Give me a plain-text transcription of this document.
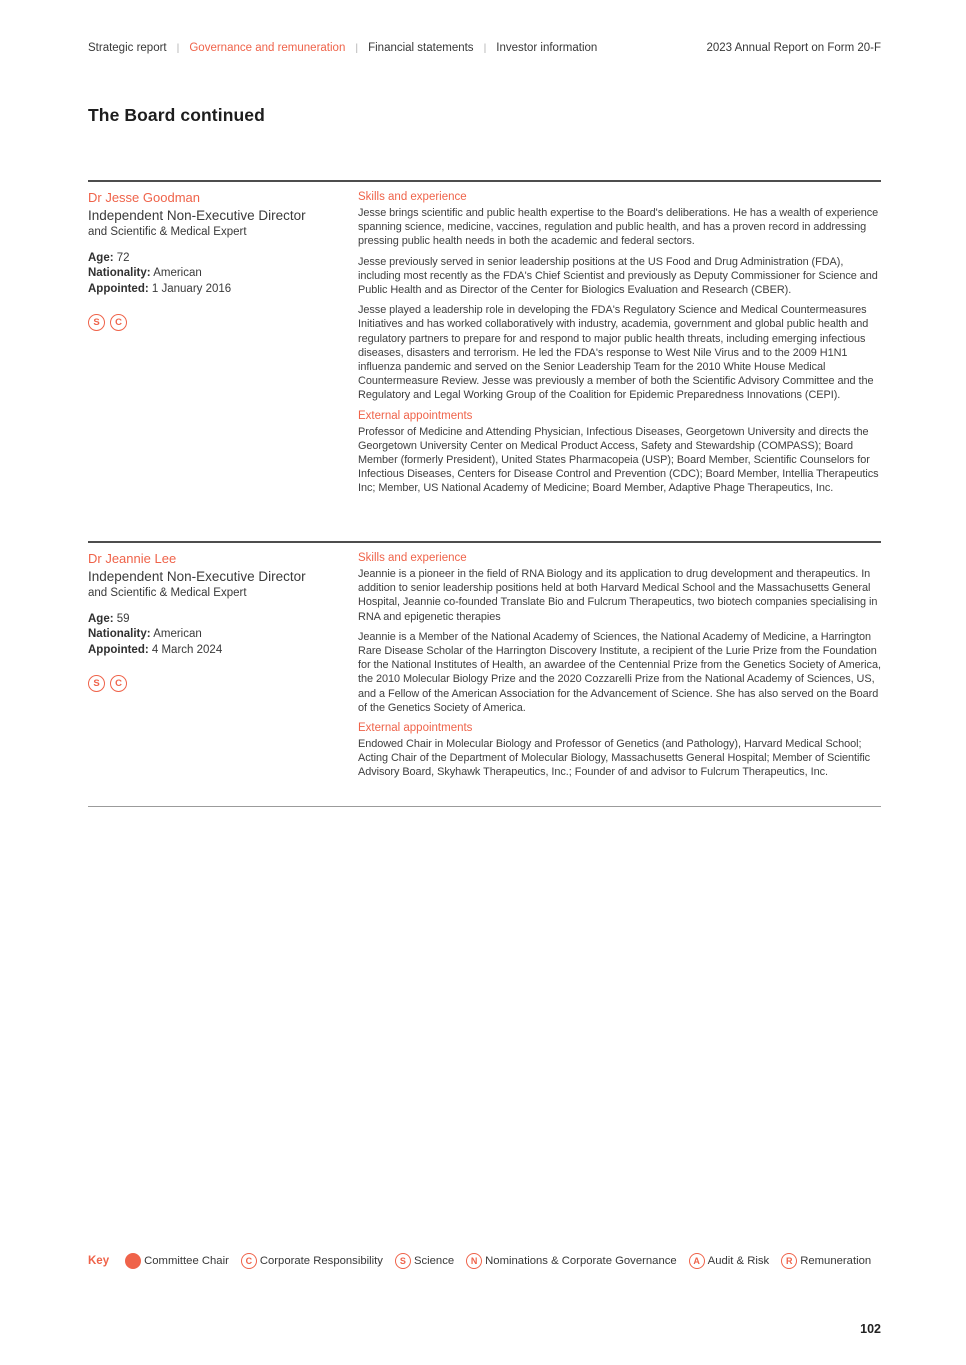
Strategic report | Governance and remuneration | Financial statements | Investor information	2023 Annual Report on Form 20-F
The Board continued
Dr Jesse Goodman
Independent Non-Executive Director
and Scientific & Medical Expert
Age: 72
Nationality: American
Appointed: 1 January 2016
S	C
Skills and experience

Jesse brings scientific and public health expertise to the Board's deliberations. He has a wealth of experience spanning science, medicine, vaccines, regulation and public health, and has a proven record in addressing pressing public health needs in both the academic and federal sectors.

Jesse previously served in senior leadership positions at the US Food and Drug Administration (FDA), including most recently as the FDA's Chief Scientist and previously as Deputy Commissioner for Science and Public Health and as Director of the Center for Biologics Evaluation and Research (CBER).

Jesse played a leadership role in developing the FDA's Regulatory Science and Medical Countermeasures Initiatives and has worked collaboratively with industry, academia, government and global public health and regulatory partners to prepare for and respond to major public health threats, including emerging infectious diseases, disasters and terrorism. He led the FDA's response to West Nile Virus and to the 2009 H1N1 influenza pandemic and served on the Senior Leadership Team for the 2010 White House Medical Countermeasure Review. Jesse was previously a member of both the Scientific Advisory Committee and the Regulatory and Legal Working Group of the Coalition for Epidemic Preparedness Innovations (CEPI).

External appointments

Professor of Medicine and Attending Physician, Infectious Diseases, Georgetown University and directs the Georgetown University Center on Medical Product Access, Safety and Stewardship (COMPASS); Board Member (formerly President), United States Pharmacopeia (USP); Board Member, Scientific Counselors for Infectious Diseases, Centers for Disease Control and Prevention (CDC); Board Member, Intellia Therapeutics Inc; Member, US National Academy of Medicine; Board Member, Adaptive Phage Therapeutics, Inc.

Dr Jeannie Lee
Independent Non-Executive Director
and Scientific & Medical Expert
Age: 59
Nationality: American
Appointed: 4 March 2024
S	C
Skills and experience

Jeannie is a pioneer in the field of RNA Biology and its application to drug development and therapeutics. In addition to senior leadership positions held at both Harvard Medical School and the Massachusetts General Hospital, Jeannie co-founded Translate Bio and Fulcrum Therapeutics, two biotech companies specialising in RNA and epigenetic therapies

Jeannie is a Member of the National Academy of Sciences, the National Academy of Medicine, a Harrington Rare Disease Scholar of the Harrington Discovery Institute, a recipient of the Lurie Prize from the Foundation for the National Institutes of Health, an awardee of the Centennial Prize from the Genetics Society of America, the 2010 Molecular Biology Prize and the 2020 Cozzarelli Prize from the National Academy of Sciences, US, and a Fellow of the American Association for the Advancement of Science. She has also served on the Board of the Genetics Society of America.

External appointments

Endowed Chair in Molecular Biology and Professor of Genetics (and Pathology), Harvard Medical School; Acting Chair of the Department of Molecular Biology, Massachusetts General Hospital; Member of Scientific Advisory Board, Skyhawk Therapeutics, Inc.; Founder of and advisor to Fulcrum Therapeutics, Inc.

Key	Committee Chair	C Corporate Responsibility	S Science	N Nominations & Corporate Governance	A Audit & Risk	R Remuneration
102
